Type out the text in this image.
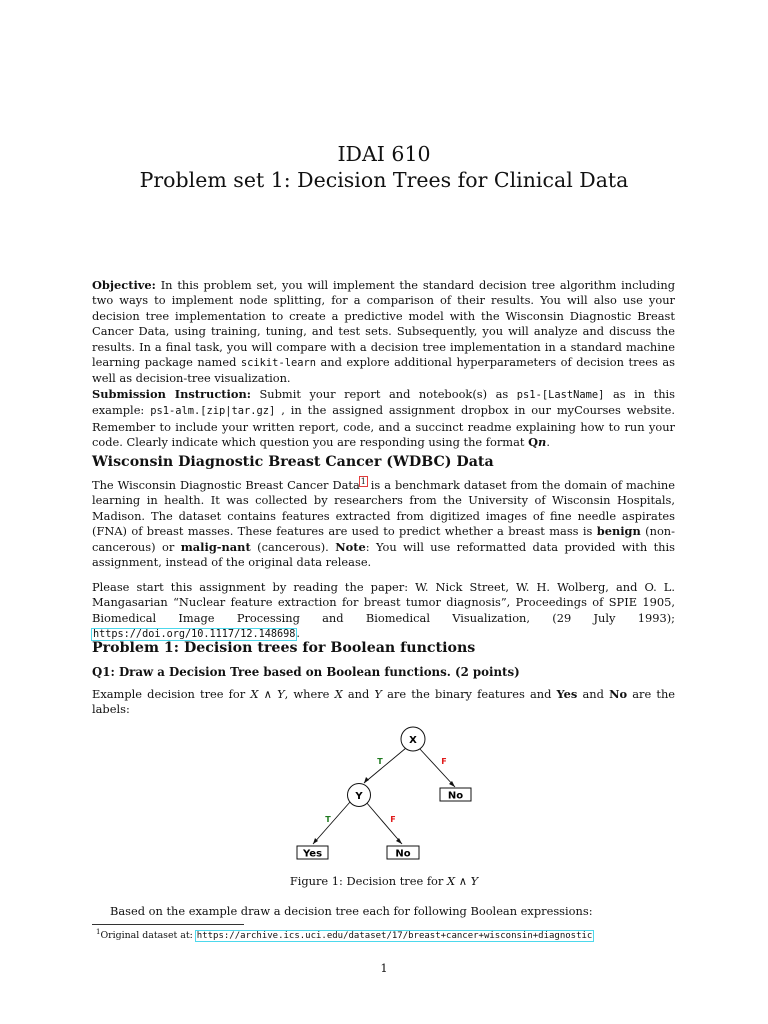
IDAI 610
Problem set 1: Decision Trees for Clinical Data

Objective: In this problem set, you will implement the standard decision tree algorithm including two ways to implement node splitting, for a comparison of their results. You will also use your decision tree implementation to create a predictive model with the Wisconsin Diagnostic Breast Cancer Data, using training, tuning, and test sets. Subsequently, you will analyze and discuss the results. In a final task, you will compare with a decision tree implementation in a standard machine learning package named scikit-learn and explore additional hyperparameters of decision trees as well as decision-tree visualization.
Submission Instruction: Submit your report and notebook(s) as ps1-[LastName] as in this example: ps1-alm.[zip|tar.gz] , in the assigned assignment dropbox in our myCourses website. Remember to include your written report, code, and a succinct readme explaining how to run your code. Clearly indicate which question you are responding using the format Qn.

Wisconsin Diagnostic Breast Cancer (WDBC) Data

The Wisconsin Diagnostic Breast Cancer Data$^1$ is a benchmark dataset from the domain of machine learning in health. It was collected by researchers from the University of Wisconsin Hospitals, Madison. The dataset contains features extracted from digitized images of fine needle aspirates (FNA) of breast masses. These features are used to predict whether a breast mass is benign (non-cancerous) or malig-nant (cancerous). Note: You will use reformatted data provided with this assignment, instead of the original data release.

Please start this assignment by reading the paper: W. Nick Street, W. H. Wolberg, and O. L. Mangasarian “Nuclear feature extraction for breast tumor diagnosis”, Proceedings of SPIE 1905, Biomedical Image Processing and Biomedical Visualization, (29 July 1993); https://doi.org/10.1117/12.148698.

Problem 1: Decision trees for Boolean functions
Q1: Draw a Decision Tree based on Boolean functions. (2 points)

Example decision tree for X ∧ Y, where X and Y are the binary features and Yes and No are the labels:

X
Y	No
Yes	No
T	F
T	F
Figure 1: Decision tree for X ∧ Y

Based on the example draw a decision tree each for following Boolean expressions:

$^1$Original dataset at: https://archive.ics.uci.edu/dataset/17/breast+cancer+wisconsin+diagnostic

1
